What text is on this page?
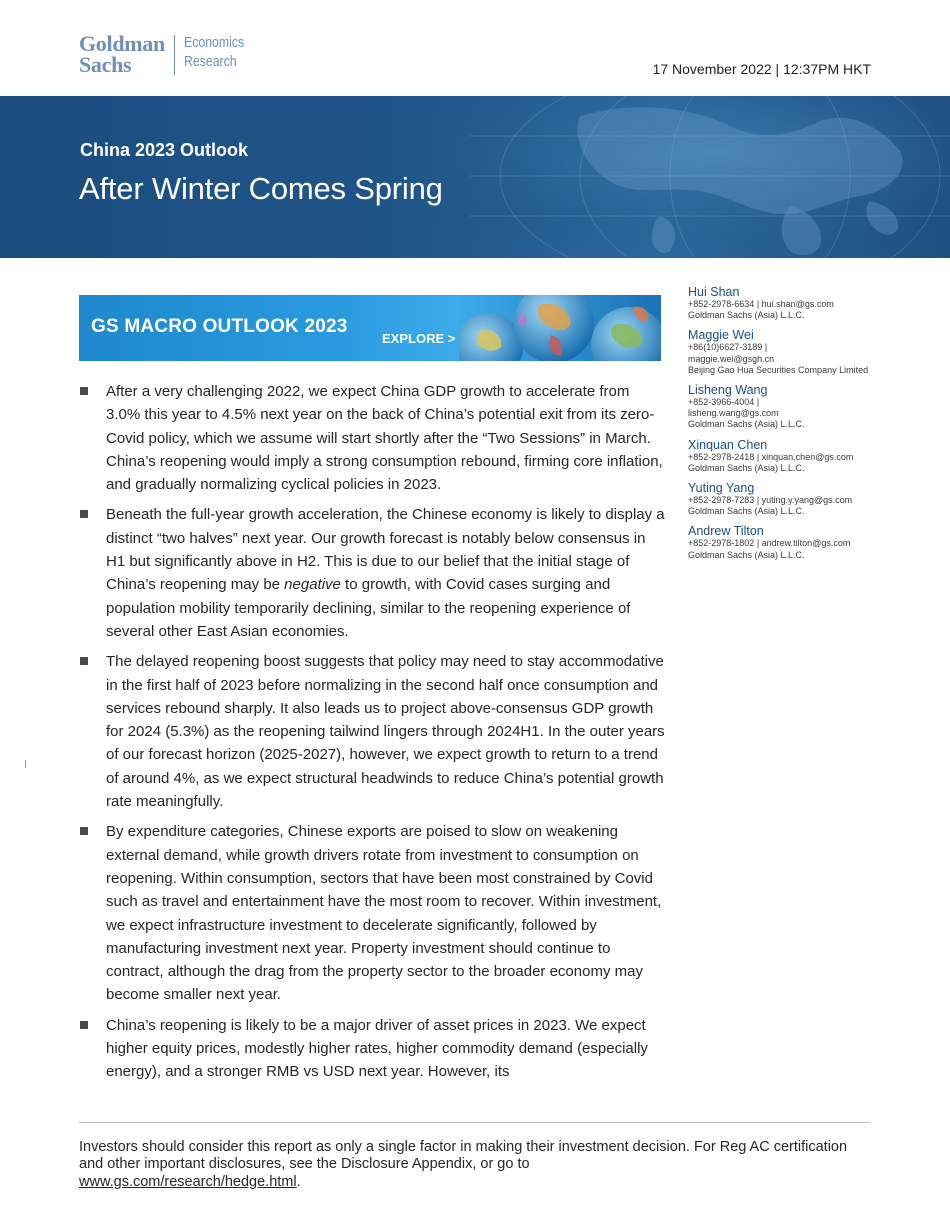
Goldman
Sachs
Economics
Research	17 November 2022 | 12:37PM HKT
China 2023 Outlook
After Winter Comes Spring
GS MACRO OUTLOOK 2023
EXPLORE >
After a very challenging 2022, we expect China GDP growth to accelerate from 3.0% this year to 4.5% next year on the back of China’s potential exit from its zero-Covid policy, which we assume will start shortly after the “Two Sessions” in March. China’s reopening would imply a strong consumption rebound, firming core inflation, and gradually normalizing cyclical policies in 2023.
Beneath the full-year growth acceleration, the Chinese economy is likely to display a distinct “two halves” next year. Our growth forecast is notably below consensus in H1 but significantly above in H2. This is due to our belief that the initial stage of China’s reopening may be negative to growth, with Covid cases surging and population mobility temporarily declining, similar to the reopening experience of several other East Asian economies.
The delayed reopening boost suggests that policy may need to stay accommodative in the first half of 2023 before normalizing in the second half once consumption and services rebound sharply. It also leads us to project above-consensus GDP growth for 2024 (5.3%) as the reopening tailwind lingers through 2024H1. In the outer years of our forecast horizon (2025-2027), however, we expect growth to return to a trend of around 4%, as we expect structural headwinds to reduce China’s potential growth rate meaningfully.
By expenditure categories, Chinese exports are poised to slow on weakening external demand, while growth drivers rotate from investment to consumption on reopening. Within consumption, sectors that have been most constrained by Covid such as travel and entertainment have the most room to recover. Within investment, we expect infrastructure investment to decelerate significantly, followed by manufacturing investment next year. Property investment should continue to contract, although the drag from the property sector to the broader economy may become smaller next year.
China’s reopening is likely to be a major driver of asset prices in 2023. We expect higher equity prices, modestly higher rates, higher commodity demand (especially energy), and a stronger RMB vs USD next year. However, its
Hui Shan
+852-2978-6634 | hui.shan@gs.com
Goldman Sachs (Asia) L.L.C.
Maggie Wei
+86(10)6627-3189 |
maggie.wei@gsgh.cn
Beijing Gao Hua Securities Company Limited
Lisheng Wang
+852-3966-4004 |
lisheng.wang@gs.com
Goldman Sachs (Asia) L.L.C.
Xinquan Chen
+852-2978-2418 | xinquan.chen@gs.com
Goldman Sachs (Asia) L.L.C.
Yuting Yang
+852-2978-7283 | yuting.y.yang@gs.com
Goldman Sachs (Asia) L.L.C.
Andrew Tilton
+852-2978-1802 | andrew.tilton@gs.com
Goldman Sachs (Asia) L.L.C.
Investors should consider this report as only a single factor in making their investment decision. For Reg AC certification and other important disclosures, see the Disclosure Appendix, or go to
www.gs.com/research/hedge.html.
